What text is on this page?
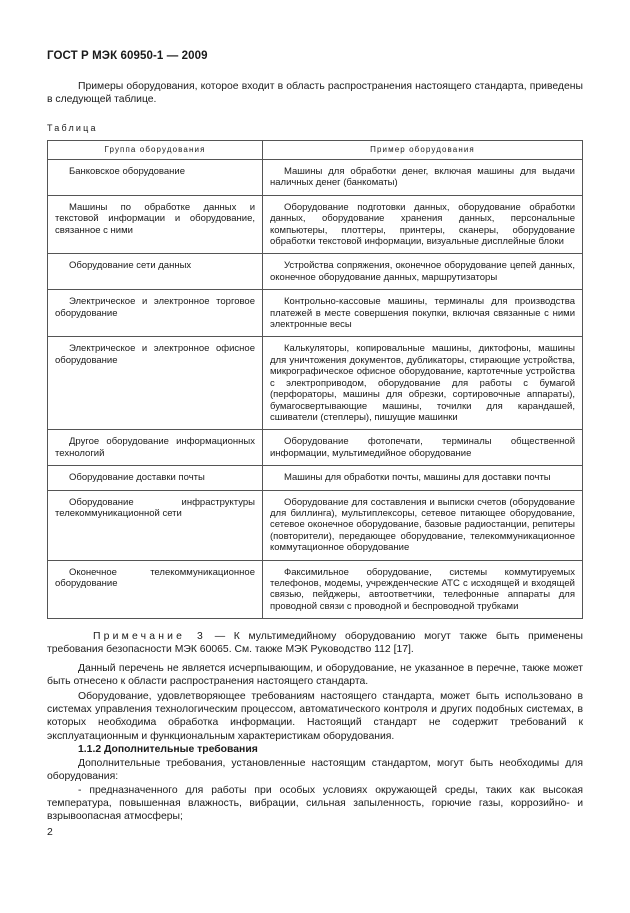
ГОСТ Р МЭК 60950-1 — 2009

Примеры оборудования, которое входит в область распространения настоящего стандарта, приведены в следующей таблице.

Таблица
Группа оборудования	Пример оборудования

Банковское оборудование	Машины для обработки денег, включая машины для выдачи наличных денег (банкоматы)

Машины по обработке данных и текстовой информации и оборудование, связанное с ними	Оборудование подготовки данных, оборудование обработки данных, оборудование хранения данных, персональные компьютеры, плоттеры, принтеры, сканеры, оборудование обработки текстовой информации, визуальные дисплейные блоки

Оборудование сети данных	Устройства сопряжения, оконечное оборудование цепей данных, оконечное оборудование данных, маршрутизаторы

Электрическое и электронное торговое оборудование	Контрольно-кассовые машины, терминалы для производства платежей в месте совершения покупки, включая связанные с ними электронные весы

Электрическое и электронное офисное оборудование	Калькуляторы, копировальные машины, диктофоны, машины для уничтожения документов, дубликаторы, стирающие устройства, микрографическое офисное оборудование, картотечные устройства с электроприводом, оборудование для работы с бумагой (перфораторы, машины для обрезки, сортировочные аппараты), бумагосвертывающие машины, точилки для карандашей, сшиватели (степлеры), пишущие машинки

Другое оборудование информационных технологий	Оборудование фотопечати, терминалы общественной информации, мультимедийное оборудование

Оборудование доставки почты	Машины для обработки почты, машины для доставки почты

Оборудование инфраструктуры телекоммуникационной сети	Оборудование для составления и выписки счетов (оборудование для биллинга), мультиплексоры, сетевое питающее оборудование, сетевое оконечное оборудование, базовые радиостанции, репитеры (повторители), передающее оборудование, телекоммуникационное коммутационное оборудование

Оконечное телекоммуникационное оборудование	Факсимильное оборудование, системы коммутируемых телефонов, модемы, учрежденческие АТС с исходящей и входящей связью, пейджеры, автоответчики, телефонные аппараты для проводной связи с проводной и беспроводной трубками

Примечание 3 — К мультимедийному оборудованию могут также быть применены требования безопасности МЭК 60065. См. также МЭК Руководство 112 [17].

Данный перечень не является исчерпывающим, и оборудование, не указанное в перечне, также может быть отнесено к области распространения настоящего стандарта.

Оборудование, удовлетворяющее требованиям настоящего стандарта, может быть использовано в системах управления технологическим процессом, автоматического контроля и других подобных системах, в которых необходима обработка информации. Настоящий стандарт не содержит требований к эксплуатационным и функциональным характеристикам оборудования.

1.1.2 Дополнительные требования

Дополнительные требования, установленные настоящим стандартом, могут быть необходимы для оборудования:

- предназначенного для работы при особых условиях окружающей среды, таких как высокая температура, повышенная влажность, вибрации, сильная запыленность, горючие газы, коррозийно- и взрывоопасная атмосферы;

2
